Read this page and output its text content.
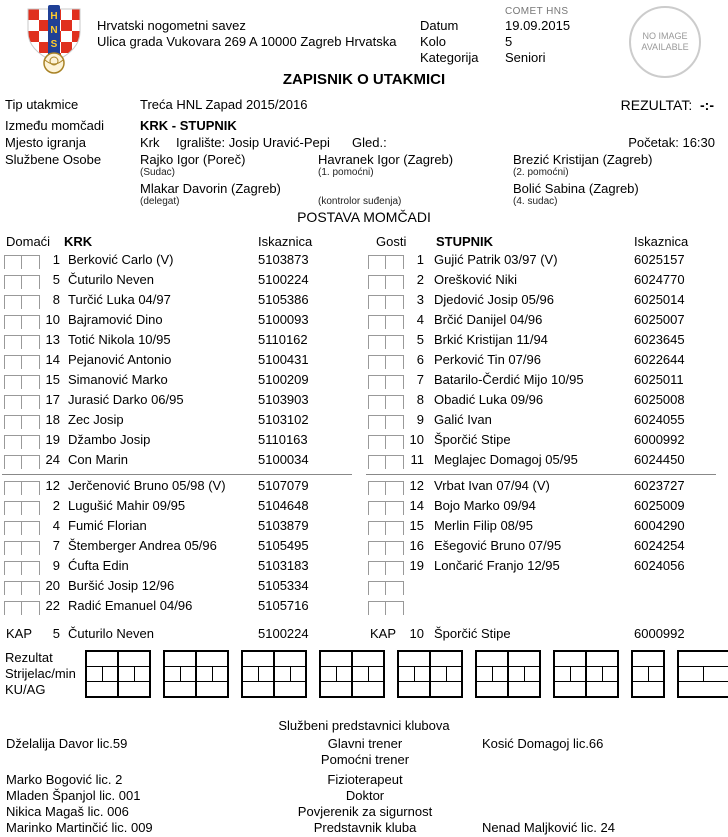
H
N
S
Hrvatski nogometni savez
Ulica grada Vukovara 269 A 10000 Zagreb Hrvatska
COMET HNS
Datum	19.09.2015
Kolo	5
Kategorija	Seniori
NO IMAGE
AVAILABLE
ZAPISNIK O UTAKMICI
Tip utakmice	Treća HNL Zapad 2015/2016	REZULTAT: -:-
Između momčadi	KRK - STUPNIK
Mjesto igranja	Krk Igralište: Josip Uravić-Pepi Gled.:	Početak: 16:30
Službene Osobe	Rajko Igor (Poreč)
(Sudac)
Havranek Igor (Zagreb)
(1. pomoćni)
Brezić Kristijan (Zagreb)
(2. pomoćni)
Mlakar Davorin (Zagreb)
(delegat)	(kontrolor suđenja)
Bolić Sabina (Zagreb)
(4. sudac)
POSTAVA MOMČADI
Domaći KRK	Iskaznica
1 Berković Carlo (V)	5103873
5 Čuturilo Neven	5100224
8 Turčić Luka 04/97	5105386
10 Bajramović Dino	5100093
13 Totić Nikola 10/95	5110162
14 Pejanović Antonio	5100431
15 Simanović Marko	5100209
17 Jurasić Darko 06/95	5103903
18 Zec Josip	5103102
19 Džambo Josip	5110163
24 Con Marin	5100034
12 Jerčenović Bruno 05/98 (V) 5107079
2 Lugušić Mahir 09/95	5104648
4 Fumić Florian	5103879
7 Štemberger Andrea 05/96	5105495
9 Ćufta Edin	5103183
20 Buršić Josip 12/96	5105334
22 Radić Emanuel 04/96	5105716
KAP	5 Čuturilo Neven	5100224
Gosti STUPNIK	Iskaznica
1 Gujić Patrik 03/97 (V)	6025157
2 Orešković Niki	6024770
3 Djedović Josip 05/96	6025014
4 Brčić Danijel 04/96	6025007
5 Brkić Kristijan 11/94	6023645
6 Perković Tin 07/96	6022644
7 Batarilo-Čerdić Mijo 10/95	6025011
8 Obadić Luka 09/96	6025008
9 Galić Ivan	6024055
10 Šporčić Stipe	6000992
11 Meglajec Domagoj 05/95	6024450
12 Vrbat Ivan 07/94 (V)	6023727
14 Bojo Marko 09/94	6025009
15 Merlin Filip 08/95	6004290
16 Ešegović Bruno 07/95	6024254
19 Lončarić Franjo 12/95	6024056
KAP	10 Šporčić Stipe	6000992
Rezultat
Strijelac/min
KU/AG
Službeni predstavnici klubova
Dželalija Davor lic.59	Glavni trener	Kosić Domagoj lic.66
Pomoćni trener
Marko Bogović lic. 2	Fizioterapeut
Mladen Španjol lic. 001	Doktor
Nikica Magaš lic. 006	Povjerenik za sigurnost
Marinko Martinčić lic. 009	Predstavnik kluba	Nenad Maljković lic. 24
